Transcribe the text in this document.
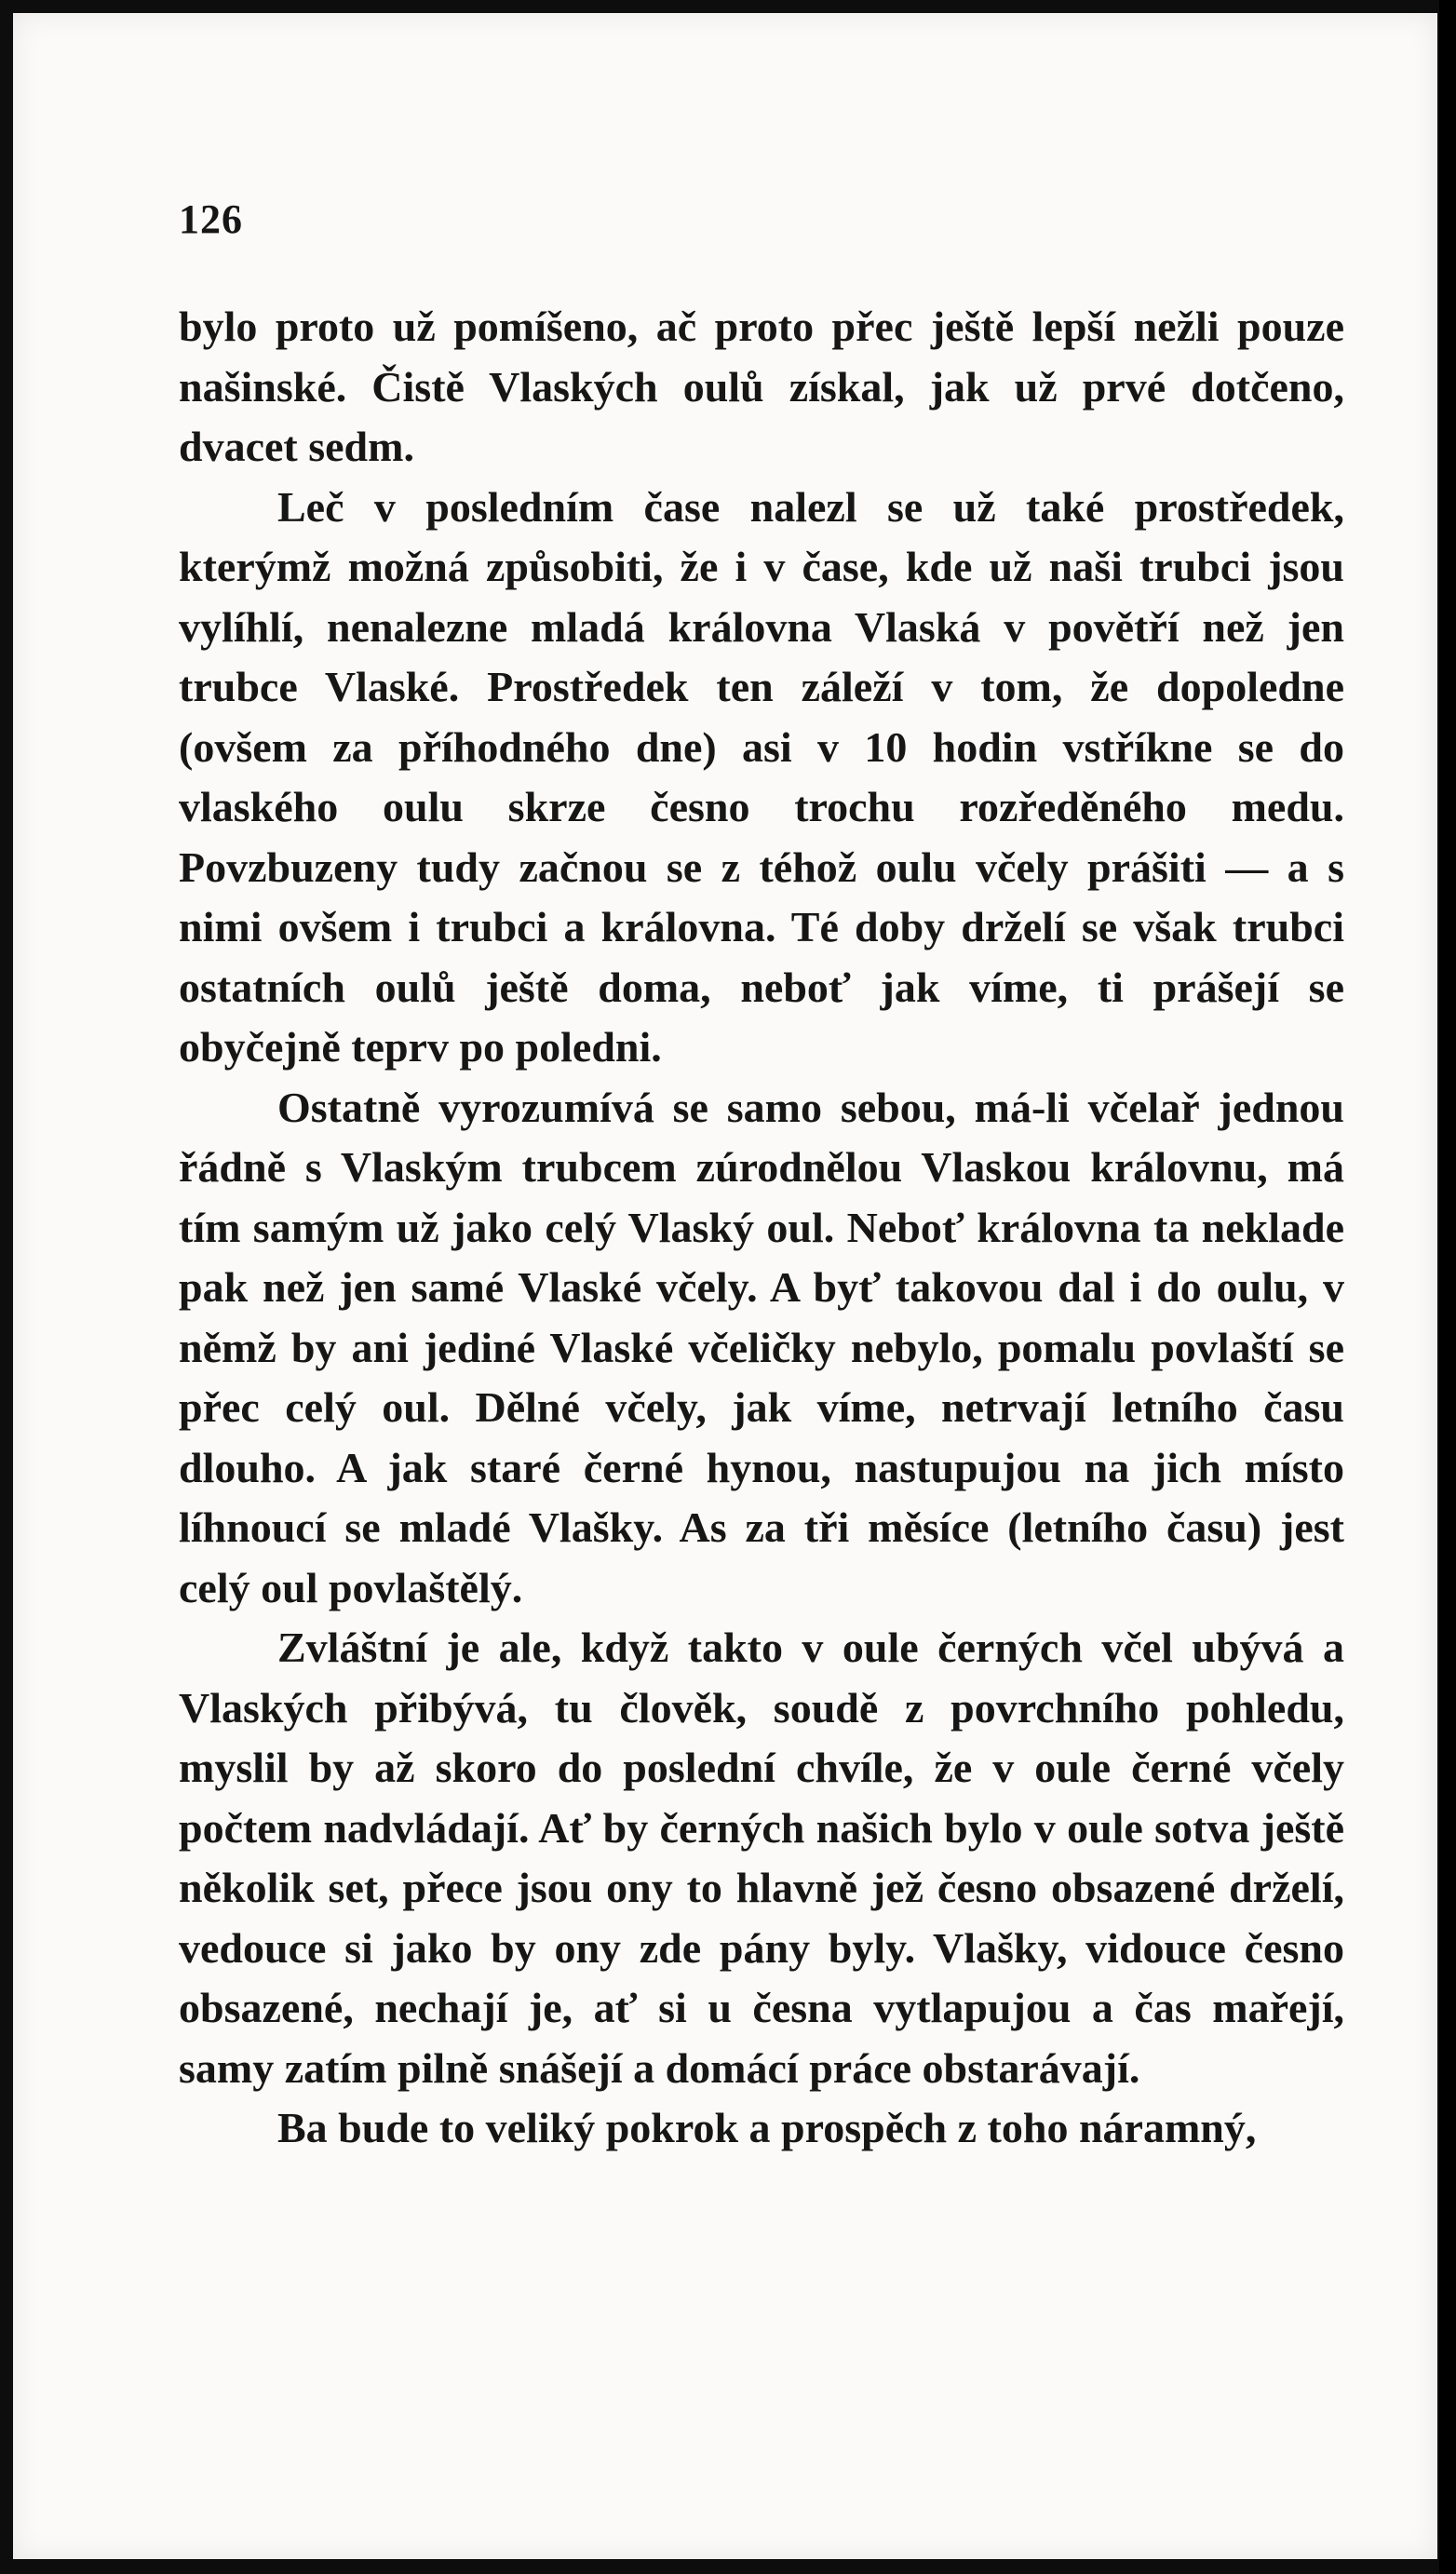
126

bylo proto už pomíšeno, ač proto přec ještě lepší nežli pouze našinské. Čistě Vlaských oulů získal, jak už prvé dotčeno, dvacet sedm.

Leč v posledním čase nalezl se už také prostředek, kterýmž možná způsobiti, že i v čase, kde už naši trubci jsou vylíhlí, nenalezne mladá královna Vlaská v povětří než jen trubce Vlaské. Prostředek ten záleží v tom, že dopoledne (ovšem za příhodného dne) asi v 10 hodin vstříkne se do vlaského oulu skrze česno trochu rozředěného medu. Povzbuzeny tudy začnou se z téhož oulu včely prášiti — a s nimi ovšem i trubci a královna. Té doby drželí se však trubci ostatních oulů ještě doma, neboť jak víme, ti prášejí se obyčejně teprv po poledni.

Ostatně vyrozumívá se samo sebou, má-li včelař jednou řádně s Vlaským trubcem zúrodnělou Vlaskou královnu, má tím samým už jako celý Vlaský oul. Neboť královna ta neklade pak než jen samé Vlaské včely. A byť takovou dal i do oulu, v němž by ani jediné Vlaské včeličky nebylo, pomalu povlaští se přec celý oul. Dělné včely, jak víme, netrvají letního času dlouho. A jak staré černé hynou, nastupujou na jich místo líhnoucí se mladé Vlašky. As za tři měsíce (letního času) jest celý oul povlaštělý.

Zvláštní je ale, když takto v oule černých včel ubývá a Vlaských přibývá, tu člověk, soudě z povrchního pohledu, myslil by až skoro do poslední chvíle, že v oule černé včely počtem nadvládají. Ať by černých našich bylo v oule sotva ještě několik set, přece jsou ony to hlavně jež česno obsazené drželí, vedouce si jako by ony zde pány byly. Vlašky, vidouce česno obsazené, nechají je, ať si u česna vytlapujou a čas mařejí, samy zatím pilně snášejí a domácí práce obstarávají.

Ba bude to veliký pokrok a prospěch z toho náramný,
